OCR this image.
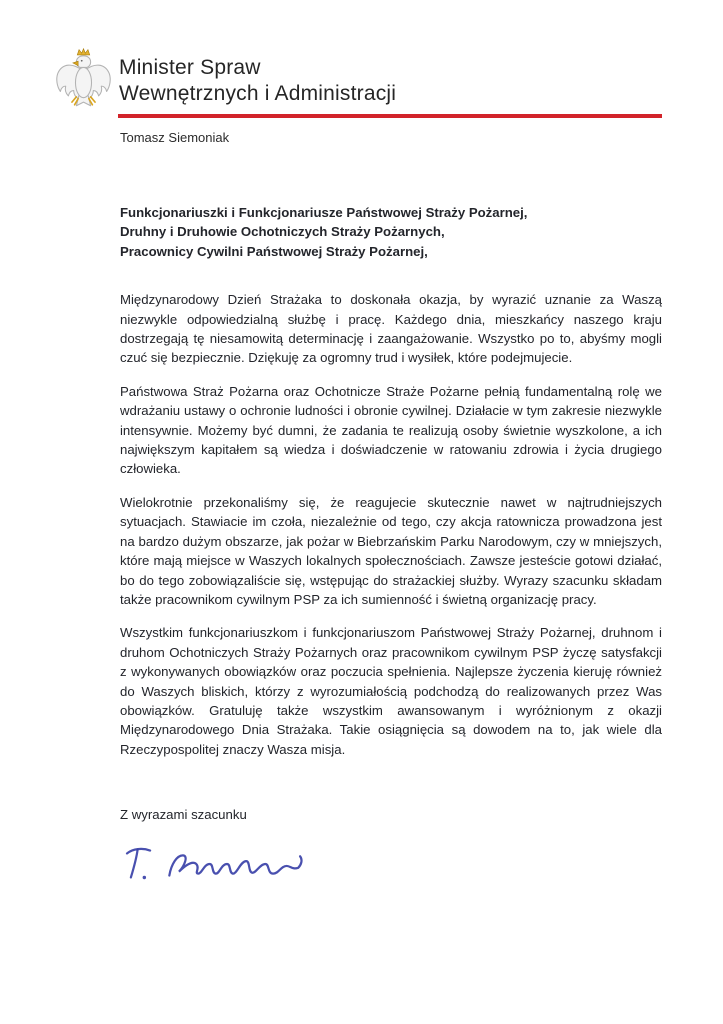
Minister Spraw
Wewnętrznych i Administracji
Tomasz Siemoniak
Funkcjonariuszki i Funkcjonariusze Państwowej Straży Pożarnej,
Druhny i Druhowie Ochotniczych Straży Pożarnych,
Pracownicy Cywilni Państwowej Straży Pożarnej,

Międzynarodowy Dzień Strażaka to doskonała okazja, by wyrazić uznanie za Waszą niezwykle odpowiedzialną służbę i pracę. Każdego dnia, mieszkańcy naszego kraju dostrzegają tę niesamowitą determinację i zaangażowanie. Wszystko po to, abyśmy mogli czuć się bezpiecznie. Dziękuję za ogromny trud i wysiłek, które podejmujecie.

Państwowa Straż Pożarna oraz Ochotnicze Straże Pożarne pełnią fundamentalną rolę we wdrażaniu ustawy o ochronie ludności i obronie cywilnej. Działacie w tym zakresie niezwykle intensywnie. Możemy być dumni, że zadania te realizują osoby świetnie wyszkolone, a ich największym kapitałem są wiedza i doświadczenie w ratowaniu zdrowia i życia drugiego człowieka.

Wielokrotnie przekonaliśmy się, że reagujecie skutecznie nawet w najtrudniejszych sytuacjach. Stawiacie im czoła, niezależnie od tego, czy akcja ratownicza prowadzona jest na bardzo dużym obszarze, jak pożar w Biebrzańskim Parku Narodowym, czy w mniejszych, które mają miejsce w Waszych lokalnych społecznościach. Zawsze jesteście gotowi działać, bo do tego zobowiązaliście się, wstępując do strażackiej służby. Wyrazy szacunku składam także pracownikom cywilnym PSP za ich sumienność i świetną organizację pracy.

Wszystkim funkcjonariuszkom i funkcjonariuszom Państwowej Straży Pożarnej, druhnom i druhom Ochotniczych Straży Pożarnych oraz pracownikom cywilnym PSP życzę satysfakcji z wykonywanych obowiązków oraz poczucia spełnienia. Najlepsze życzenia kieruję również do Waszych bliskich, którzy z wyrozumiałością podchodzą do realizowanych przez Was obowiązków. Gratuluję także wszystkim awansowanym i wyróżnionym z okazji Międzynarodowego Dnia Strażaka. Takie osiągnięcia są dowodem na to, jak wiele dla Rzeczypospolitej znaczy Wasza misja.

Z wyrazami szacunku
